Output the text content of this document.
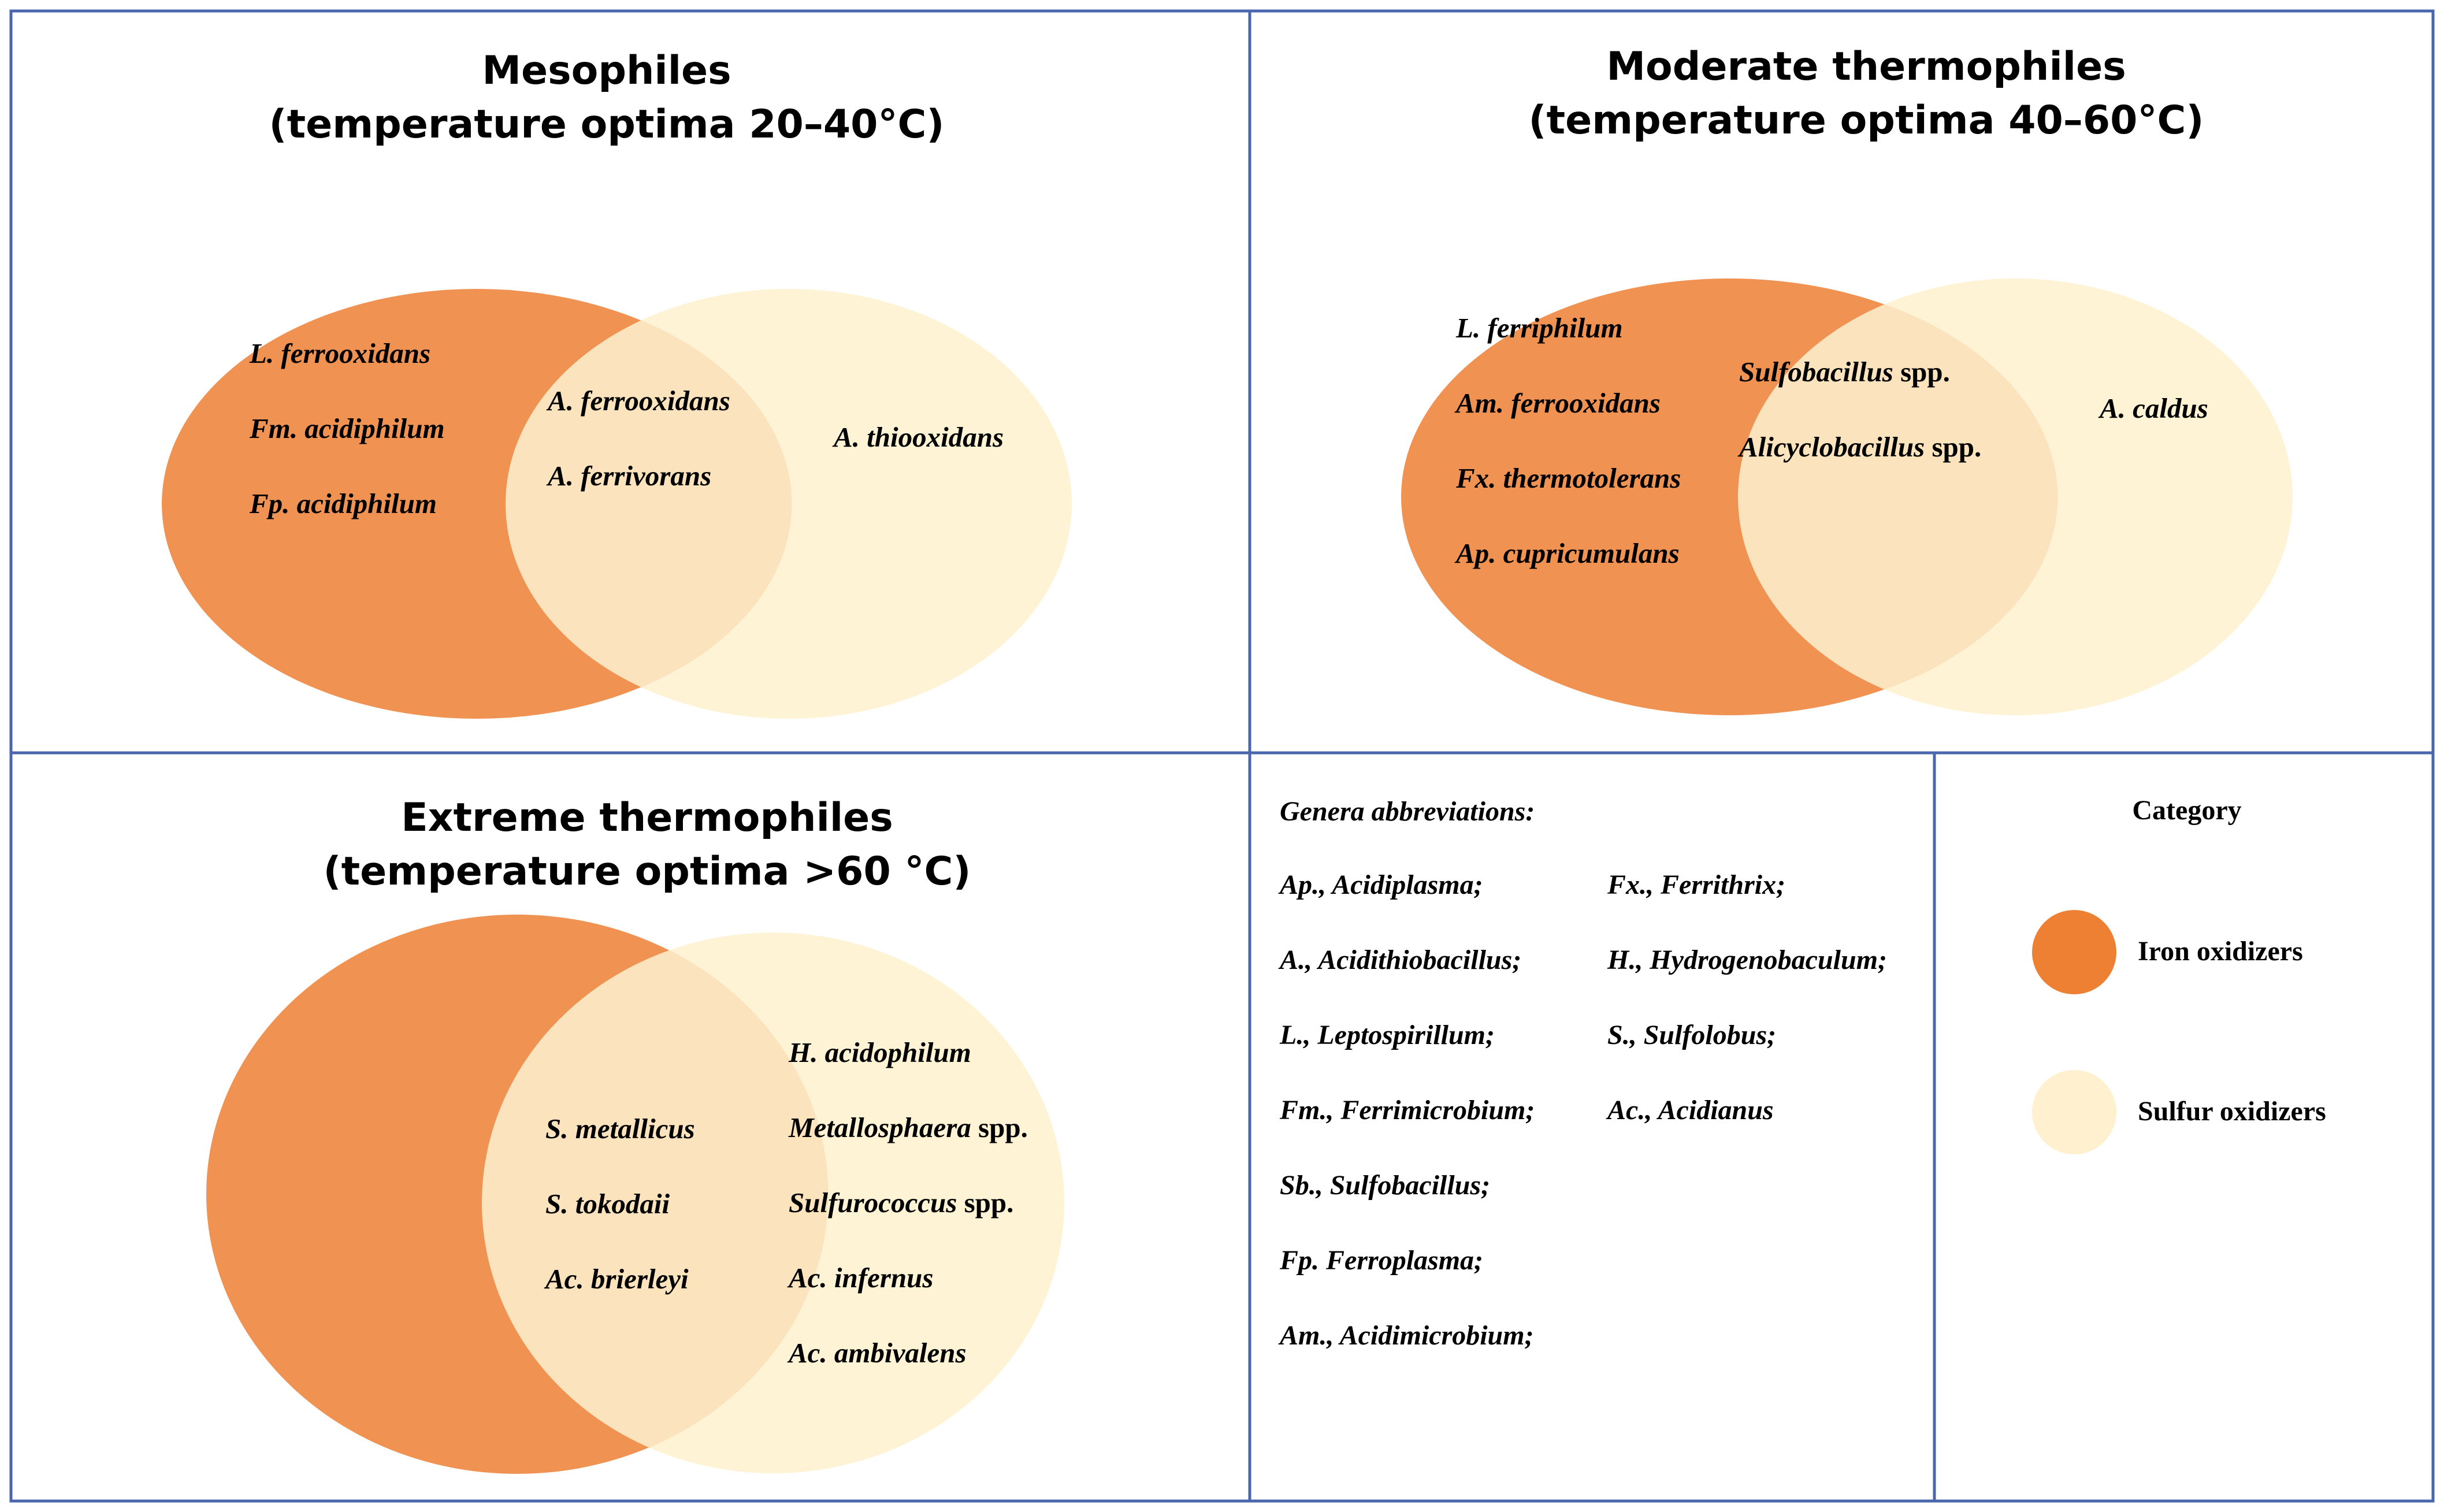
Mesophiles
(temperature optima 20–40°C)
L. ferrooxidans
Fm. acidiphilum
Fp. acidiphilum
A. ferrooxidans
A. ferrivorans
A. thiooxidans
Moderate thermophiles
(temperature optima 40–60°C)
L. ferriphilum
Am. ferrooxidans
Fx. thermotolerans
Ap. cupricumulans
Sulfobacillus spp.
Alicyclobacillus spp.
A. caldus
Extreme thermophiles
(temperature optima >60 °C)
S. metallicus
S. tokodaii
Ac. brierleyi
H. acidophilum
Metallosphaera spp.
Sulfurococcus spp.
Ac. infernus
Ac. ambivalens
Genera abbreviations:
Ap., Acidiplasma;
A., Acidithiobacillus;
L., Leptospirillum;
Fm., Ferrimicrobium;
Sb., Sulfobacillus;
Fp. Ferroplasma;
Am., Acidimicrobium;
Fx., Ferrithrix;
H., Hydrogenobaculum;
S., Sulfolobus;
Ac., Acidianus
Category
Iron oxidizers
Sulfur oxidizers
